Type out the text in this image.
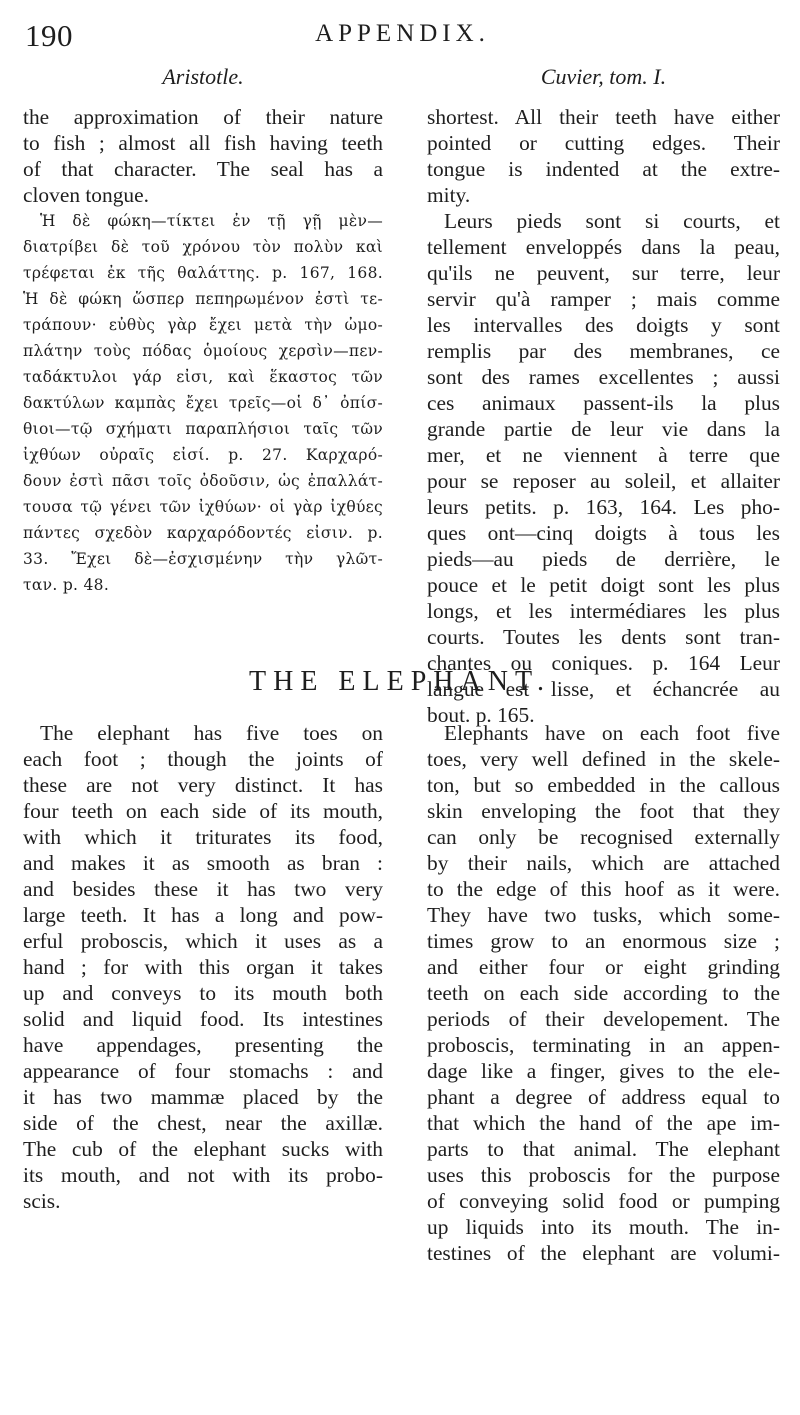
190	APPENDIX.
Aristotle.
the approximation of their nature
to fish ; almost all fish having teeth
of that character. The seal has a
cloven tongue.
Ἡ δὲ φώκη—τίκτει ἐν τῇ γῇ μὲν—
διατρίβει δὲ τοῦ χρόνου τὸν πολὺν καὶ
τρέφεται ἐκ τῆς θαλάττης. p. 167, 168.
Ἡ δὲ φώκη ὥσπερ πεπηρωμένον ἐστὶ τε-
τράπουν· εὐθὺς γὰρ ἔχει μετὰ τὴν ὠμο-
πλάτην τοὺς πόδας ὁμοίους χερσὶν—πεν-
ταδάκτυλοι γάρ εἰσι, καὶ ἕκαστος τῶν
δακτύλων καμπὰς ἔχει τρεῖς—οἱ δ᾽ ὀπίσ-
θιοι—τῷ σχήματι παραπλήσιοι ταῖς τῶν
ἰχθύων οὐραῖς εἰσί. p. 27. Καρχαρό-
δουν ἐστὶ πᾶσι τοῖς ὀδοῦσιν, ὡς ἐπαλλάτ-
τουσα τῷ γένει τῶν ἰχθύων· οἱ γὰρ ἰχθύες
πάντες σχεδὸν καρχαρόδοντές εἰσιν. p.
33. Ἔχει δὲ—ἐσχισμένην τὴν γλῶτ-
ταν. p. 48.
Cuvier, tom. I.
shortest. All their teeth have either
pointed or cutting edges. Their
tongue is indented at the extre-
mity.
Leurs pieds sont si courts, et
tellement enveloppés dans la peau,
qu'ils ne peuvent, sur terre, leur
servir qu'à ramper ; mais comme
les intervalles des doigts y sont
remplis par des membranes, ce
sont des rames excellentes ; aussi
ces animaux passent-ils la plus
grande partie de leur vie dans la
mer, et ne viennent à terre que
pour se reposer au soleil, et allaiter
leurs petits. p. 163, 164. Les pho-
ques ont—cinq doigts à tous les
pieds—au pieds de derrière, le
pouce et le petit doigt sont les plus
longs, et les intermédiares les plus
courts. Toutes les dents sont tran-
chantes ou coniques. p. 164 Leur
langue est lisse, et échancrée au
bout. p. 165.
THE ELEPHANT.
The elephant has five toes on
each foot ; though the joints of
these are not very distinct. It has
four teeth on each side of its mouth,
with which it triturates its food,
and makes it as smooth as bran :
and besides these it has two very
large teeth. It has a long and pow-
erful proboscis, which it uses as a
hand ; for with this organ it takes
up and conveys to its mouth both
solid and liquid food. Its intestines
have appendages, presenting the
appearance of four stomachs : and
it has two mammæ placed by the
side of the chest, near the axillæ.
The cub of the elephant sucks with
its mouth, and not with its probo-
scis.
Elephants have on each foot five
toes, very well defined in the skele-
ton, but so embedded in the callous
skin enveloping the foot that they
can only be recognised externally
by their nails, which are attached
to the edge of this hoof as it were.
They have two tusks, which some-
times grow to an enormous size ;
and either four or eight grinding
teeth on each side according to the
periods of their developement. The
proboscis, terminating in an appen-
dage like a finger, gives to the ele-
phant a degree of address equal to
that which the hand of the ape im-
parts to that animal. The elephant
uses this proboscis for the purpose
of conveying solid food or pumping
up liquids into its mouth. The in-
testines of the elephant are volumi-
